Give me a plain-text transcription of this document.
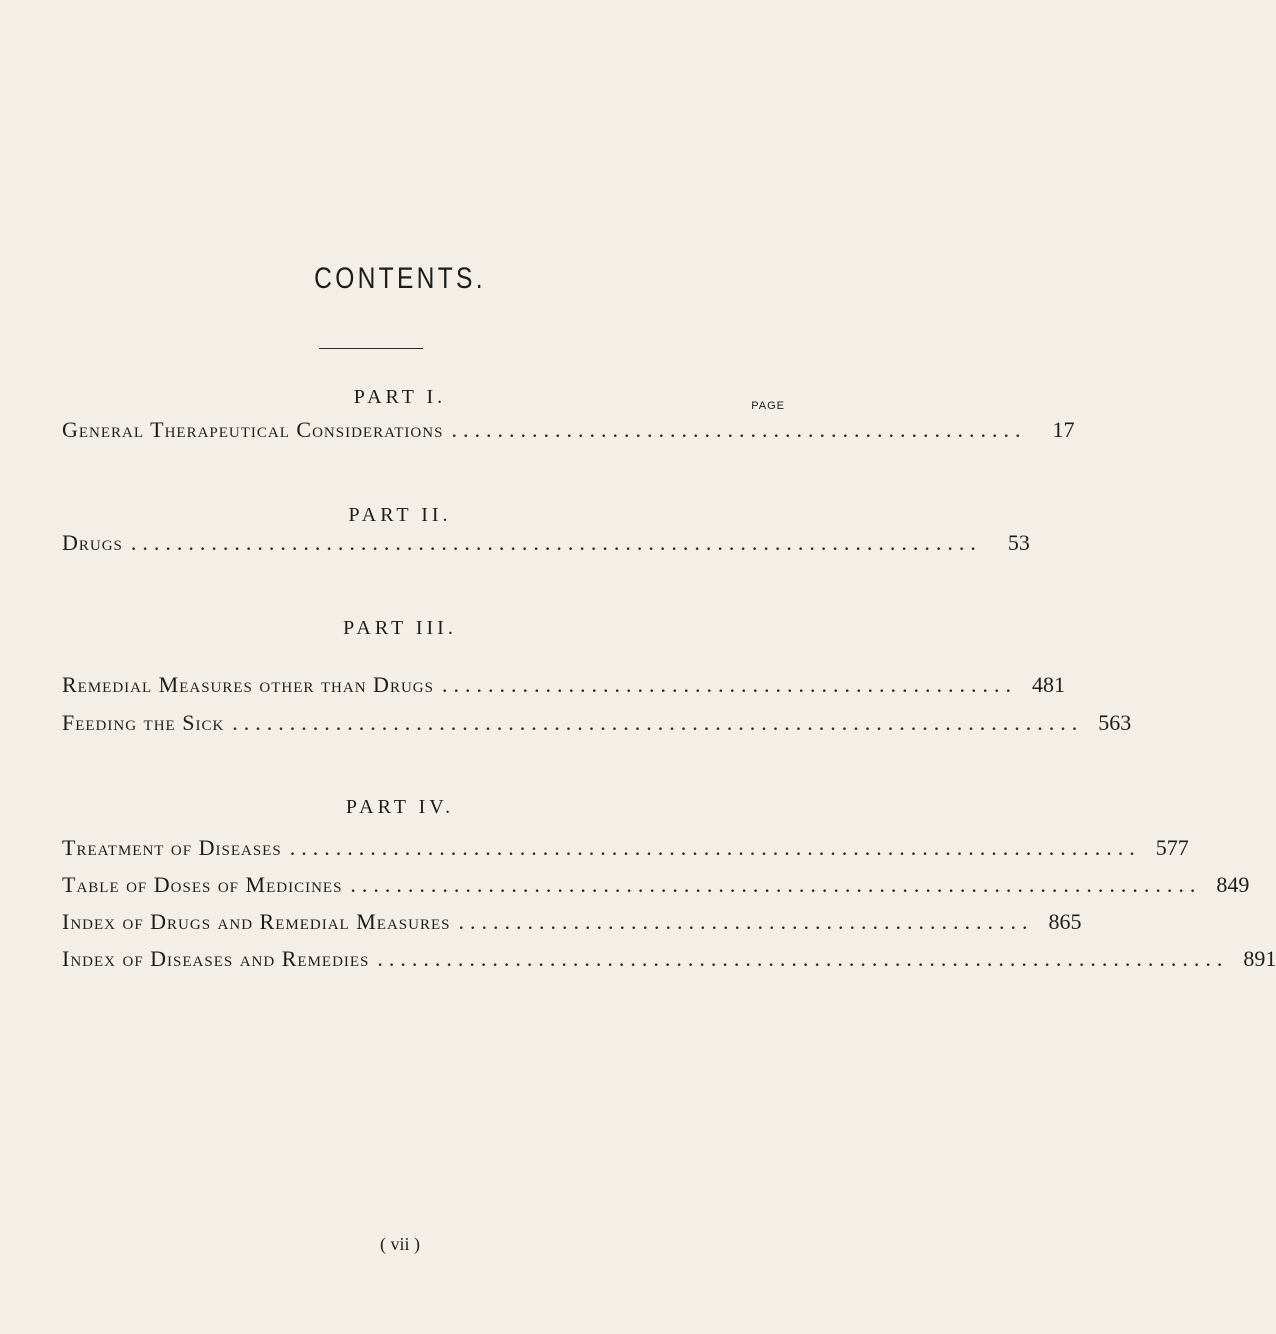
CONTENTS.
PART I.	PAGE
General Therapeutical Considerations ..................................................	17
PART II.
Drugs ..........................................................................	53
PART III.
Remedial Measures other than Drugs .................................................. 481
Feeding the Sick .......................................................................... 563
PART IV.
Treatment of Diseases .......................................................................... 577
Table of Doses of Medicines .......................................................................... 849
Index of Drugs and Remedial Measures .................................................. 865
Index of Diseases and Remedies .......................................................................... 891
( vii )
